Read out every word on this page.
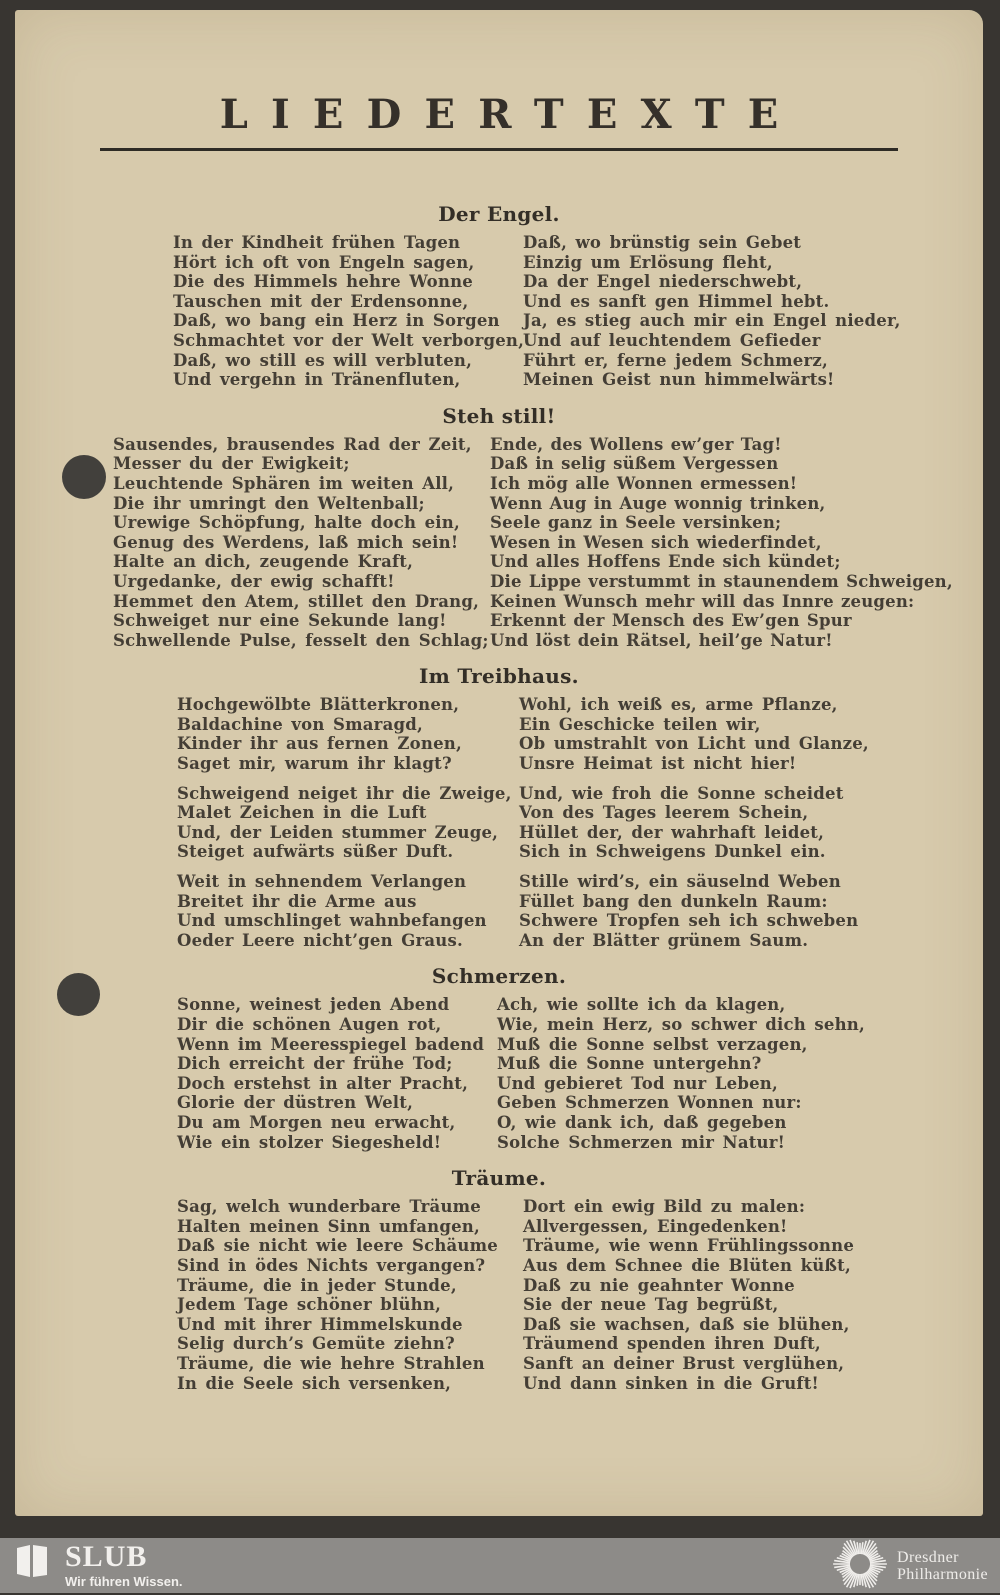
LIEDERTEXTE
Der Engel.
In der Kindheit frühen Tagen
Hört ich oft von Engeln sagen,
Die des Himmels hehre Wonne
Tauschen mit der Erdensonne,
Daß, wo bang ein Herz in Sorgen
Schmachtet vor der Welt verborgen,
Daß, wo still es will verbluten,
Und vergehn in Tränenfluten,
Daß, wo brünstig sein Gebet
Einzig um Erlösung fleht,
Da der Engel niederschwebt,
Und es sanft gen Himmel hebt.
Ja, es stieg auch mir ein Engel nieder,
Und auf leuchtendem Gefieder
Führt er, ferne jedem Schmerz,
Meinen Geist nun himmelwärts!
Steh still!
Sausendes, brausendes Rad der Zeit,
Messer du der Ewigkeit;
Leuchtende Sphären im weiten All,
Die ihr umringt den Weltenball;
Urewige Schöpfung, halte doch ein,
Genug des Werdens, laß mich sein!
Halte an dich, zeugende Kraft,
Urgedanke, der ewig schafft!
Hemmet den Atem, stillet den Drang,
Schweiget nur eine Sekunde lang!
Schwellende Pulse, fesselt den Schlag;
Ende, des Wollens ew’ger Tag!
Daß in selig süßem Vergessen
Ich mög alle Wonnen ermessen!
Wenn Aug in Auge wonnig trinken,
Seele ganz in Seele versinken;
Wesen in Wesen sich wiederfindet,
Und alles Hoffens Ende sich kündet;
Die Lippe verstummt in staunendem Schweigen,
Keinen Wunsch mehr will das Innre zeugen:
Erkennt der Mensch des Ew’gen Spur
Und löst dein Rätsel, heil’ge Natur!
Im Treibhaus.
Hochgewölbte Blätterkronen,
Baldachine von Smaragd,
Kinder ihr aus fernen Zonen,
Saget mir, warum ihr klagt?
Schweigend neiget ihr die Zweige,
Malet Zeichen in die Luft
Und, der Leiden stummer Zeuge,
Steiget aufwärts süßer Duft.
Weit in sehnendem Verlangen
Breitet ihr die Arme aus
Und umschlinget wahnbefangen
Oeder Leere nicht’gen Graus.
Wohl, ich weiß es, arme Pflanze,
Ein Geschicke teilen wir,
Ob umstrahlt von Licht und Glanze,
Unsre Heimat ist nicht hier!
Und, wie froh die Sonne scheidet
Von des Tages leerem Schein,
Hüllet der, der wahrhaft leidet,
Sich in Schweigens Dunkel ein.
Stille wird’s, ein säuselnd Weben
Füllet bang den dunkeln Raum:
Schwere Tropfen seh ich schweben
An der Blätter grünem Saum.
Schmerzen.
Sonne, weinest jeden Abend
Dir die schönen Augen rot,
Wenn im Meeresspiegel badend
Dich erreicht der frühe Tod;
Doch erstehst in alter Pracht,
Glorie der düstren Welt,
Du am Morgen neu erwacht,
Wie ein stolzer Siegesheld!
Ach, wie sollte ich da klagen,
Wie, mein Herz, so schwer dich sehn,
Muß die Sonne selbst verzagen,
Muß die Sonne untergehn?
Und gebieret Tod nur Leben,
Geben Schmerzen Wonnen nur:
O, wie dank ich, daß gegeben
Solche Schmerzen mir Natur!
Träume.
Sag, welch wunderbare Träume
Halten meinen Sinn umfangen,
Daß sie nicht wie leere Schäume
Sind in ödes Nichts vergangen?
Träume, die in jeder Stunde,
Jedem Tage schöner blühn,
Und mit ihrer Himmelskunde
Selig durch’s Gemüte ziehn?
Träume, die wie hehre Strahlen
In die Seele sich versenken,
Dort ein ewig Bild zu malen:
Allvergessen, Eingedenken!
Träume, wie wenn Frühlingssonne
Aus dem Schnee die Blüten küßt,
Daß zu nie geahnter Wonne
Sie der neue Tag begrüßt,
Daß sie wachsen, daß sie blühen,
Träumend spenden ihren Duft,
Sanft an deiner Brust verglühen,
Und dann sinken in die Gruft!
SLUB
Wir führen Wissen.
Dresdner
Philharmonie
